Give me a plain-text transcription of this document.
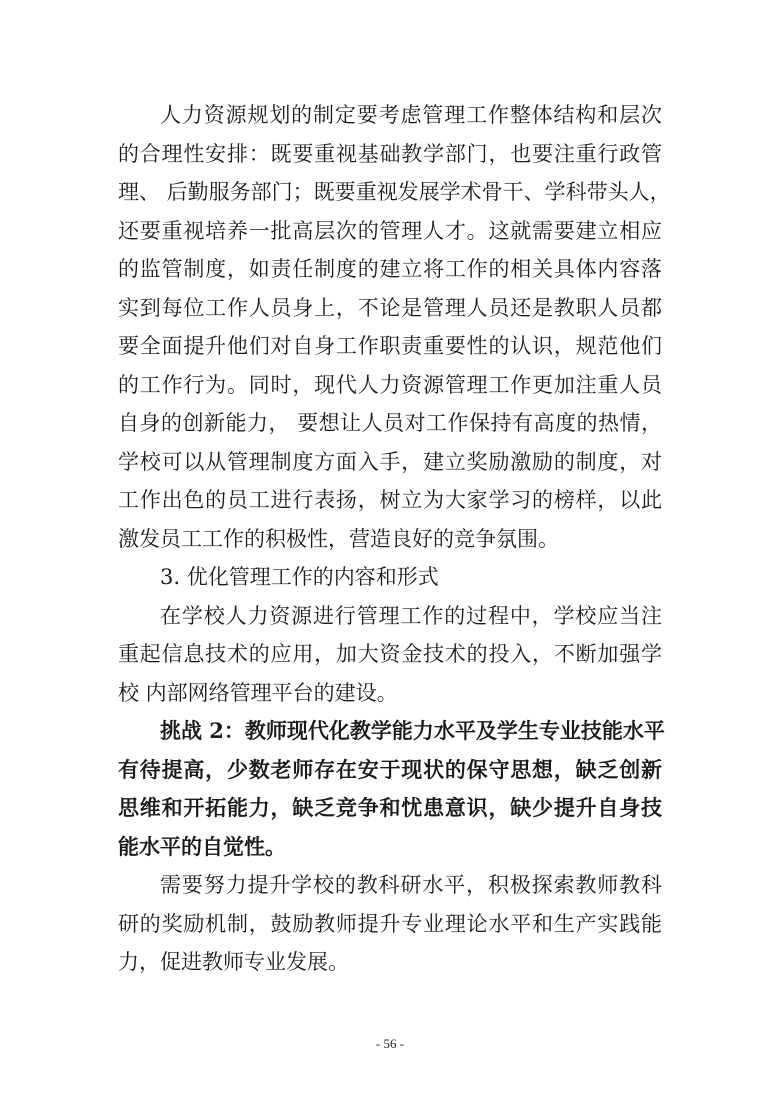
人力资源规划的制定要考虑管理工作整体结构和层次
的合理性安排：既要重视基础教学部门，也要注重行政管
理、 后勤服务部门；既要重视发展学术骨干、学科带头人，
还要重视培养一批高层次的管理人才。这就需要建立相应
的监管制度，如责任制度的建立将工作的相关具体内容落
实到每位工作人员身上，不论是管理人员还是教职人员都
要全面提升他们对自身工作职责重要性的认识，规范他们
的工作行为。同时，现代人力资源管理工作更加注重人员
自身的创新能力， 要想让人员对工作保持有高度的热情，
学校可以从管理制度方面入手，建立奖励激励的制度，对
工作出色的员工进行表扬，树立为大家学习的榜样，以此
激发员工工作的积极性，营造良好的竞争氛围。
3. 优化管理工作的内容和形式
在学校人力资源进行管理工作的过程中，学校应当注
重起信息技术的应用，加大资金技术的投入，不断加强学
校 内部网络管理平台的建设。
挑战 2：教师现代化教学能力水平及学生专业技能水平
有待提高，少数老师存在安于现状的保守思想，缺乏创新
思维和开拓能力，缺乏竞争和忧患意识，缺少提升自身技
能水平的自觉性。
需要努力提升学校的教科研水平，积极探索教师教科
研的奖励机制，鼓励教师提升专业理论水平和生产实践能
力，促进教师专业发展。
- 56 -
